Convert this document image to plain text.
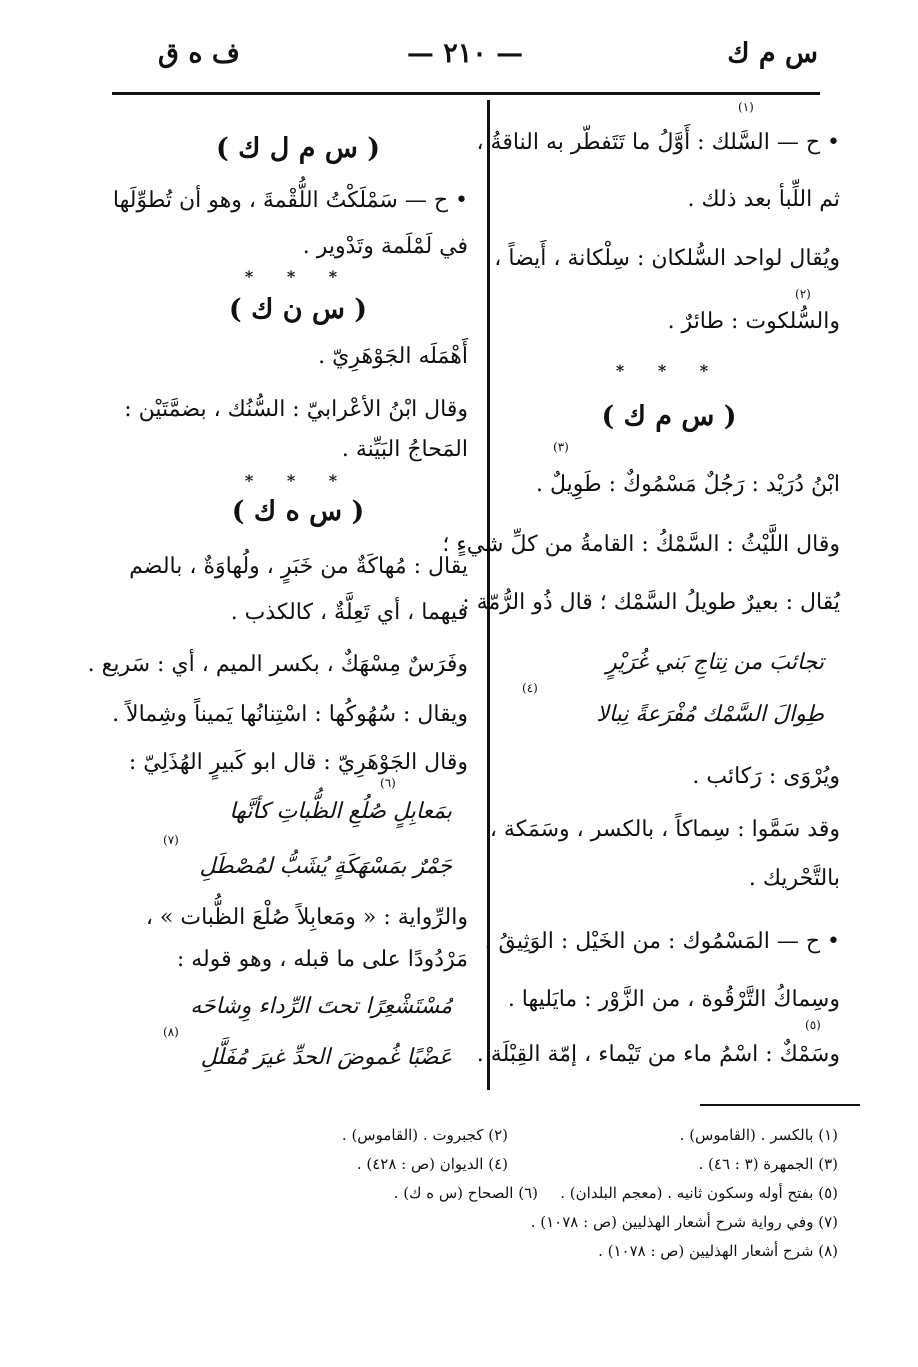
س م ك
— ٢١٠ —
ف ه ق
• ح — السَّلك : أَوَّلُ ما تَتَفطّر به الناقةُ ،
ثم اللِّبأ بعد ذلك .
ويُقال لواحد السُّلكان : سِلْكانة ، أَيضاً ،
والسُّلكوت : طائرٌ .
* * *
( س م ك )
ابْنُ دُرَيْد : رَجُلٌ مَسْمُوكٌ : طَوِيلٌ .
وقال اللَّيْثُ : السَّمْكُ : القامةُ من كلِّ شيءٍ ؛
يُقال : بعيرٌ طويلُ السَّمْك ؛ قال ذُو الرُّمّة :
تجائبَ من نِتاجِ بَني غُرَيْرٍ
طِوالَ السَّمْك مُفْرَعةً نِبالا
ويُرْوَى : رَكائب .
وقد سَمَّوا : سِماكاً ، بالكسر ، وسَمَكة ،
بالتَّحْريك .
• ح — المَسْمُوك : من الخَيْل : الوَثِيقُ .
وسِماكُ التَّرْقُوة ، من الزَّوْر : مايَليها .
وسَمْكٌ : اسْمُ ماء من تَيْماء ، إمّة القِبْلَة .
( س م ل ك )
• ح — سَمْلَكْتُ اللُّقْمةَ ، وهو أن تُطوِّلَها
في لَمْلَمة وتَدْوير .
* * *
( س ن ك )
أَهْمَلَه الجَوْهَرِيّ .
وقال ابْنُ الأعْرابيّ : السُّنُك ، بضمَّتَيْن :
المَحاجُ البَيِّنة .
* * *
( س ه ك )
يقال : مُهاكَةٌ من خَبَرٍ ، ولُهاوَةٌ ، بالضم
فيهما ، أي تَعِلَّةٌ ، كالكذب .
وفَرَسٌ مِسْهَكٌ ، بكسر الميم ، أي : سَريع .
ويقال : سُهُوكُها : اسْتِنانُها يَميناً وشِمالاً .
وقال الجَوْهَرِيّ : قال ابو كَبيرٍ الهُذَلِيّ :
بمَعابِلٍ صُلُعِ الظُّباتِ كأنَّها
جَمْرٌ بمَسْهَكَةٍ يُشَبُّ لمُصْطَلِ
والرِّواية : « ومَعابِلاً صُلْعَ الظُّبات » ،
مَرْدُودًا على ما قبله ، وهو قوله :
مُسْتَشْعِرًا تحتَ الرِّداء وِشاحَه
عَضْبًا غُموضَ الحدِّ غيرَ مُفَلَّلِ
(١)
(٢)
(٣)
(٤)
(٥)
(٦)
(٧)
(٨)
(١) بالكسر . (القاموس) .
(٢) كجبروت . (القاموس) .
(٣) الجمهرة (٣ : ٤٦) .
(٤) الديوان (ص : ٤٢٨) .
(٥) بفتح أوله وسكون ثانيه . (معجم البلدان) .
(٦) الصحاح (س ه ك) .
(٧) وفي رواية شرح أشعار الهذليين (ص : ١٠٧٨) .
(٨) شرح أشعار الهذليين (ص : ١٠٧٨) .
